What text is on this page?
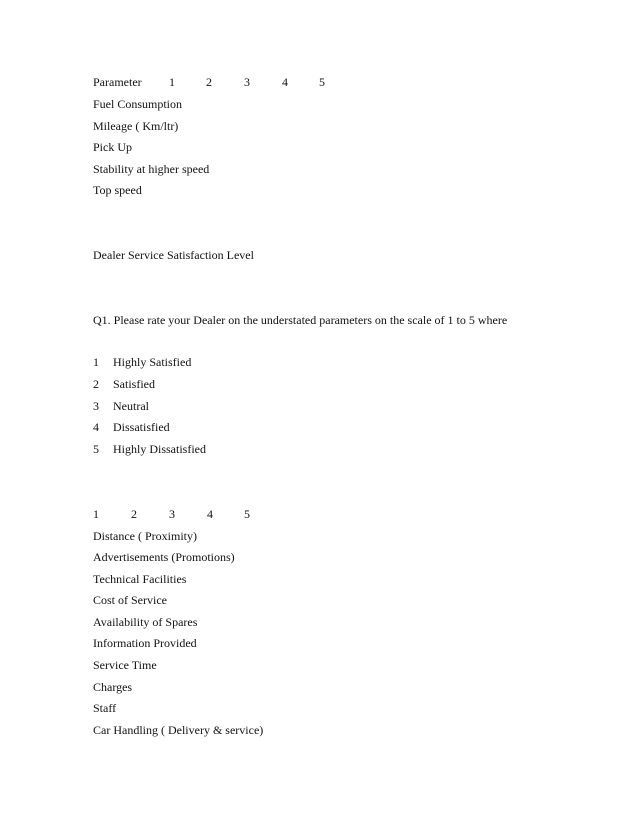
Parameter 1	2	3	4	5
Fuel Consumption
Mileage ( Km/ltr)
Pick Up
Stability at higher speed
Top speed
Dealer Service Satisfaction Level
Q1. Please rate your Dealer on the understated parameters on the scale of 1 to 5 where
1 Highly Satisfied
2 Satisfied
3 Neutral
4 Dissatisfied
5 Highly Dissatisfied
1	2	3	4	5
Distance ( Proximity)
Advertisements (Promotions)
Technical Facilities
Cost of Service
Availability of Spares
Information Provided
Service Time
Charges
Staff
Car Handling ( Delivery & service)
